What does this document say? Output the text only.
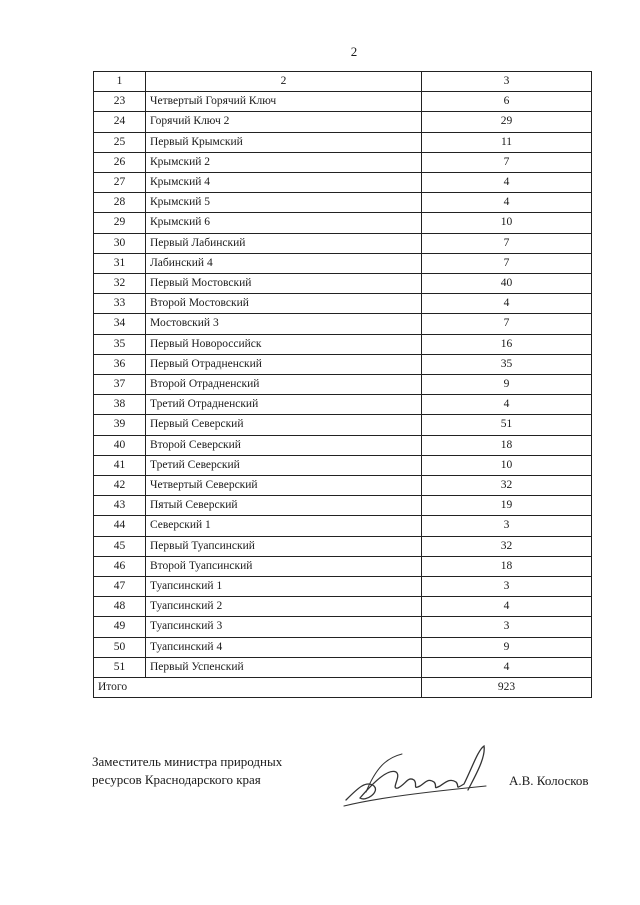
2
1	2	3
23	Четвертый Горячий Ключ	6
24	Горячий Ключ 2	29
25	Первый Крымский	11
26	Крымский 2	7
27	Крымский 4	4
28	Крымский 5	4
29	Крымский 6	10
30	Первый Лабинский	7
31	Лабинский 4	7
32	Первый Мостовский	40
33	Второй Мостовский	4
34	Мостовский 3	7
35	Первый Новороссийск	16
36	Первый Отрадненский	35
37	Второй Отрадненский	9
38	Третий Отрадненский	4
39	Первый Северский	51
40	Второй Северский	18
41	Третий Северский	10
42	Четвертый Северский	32
43	Пятый Северский	19
44	Северский 1	3
45	Первый Туапсинский	32
46	Второй Туапсинский	18
47	Туапсинский 1	3
48	Туапсинский 2	4
49	Туапсинский 3	3
50	Туапсинский 4	9
51	Первый Успенский	4
Итого		923
Заместитель министра природных
ресурсов Краснодарского края	А.В. Колосков
